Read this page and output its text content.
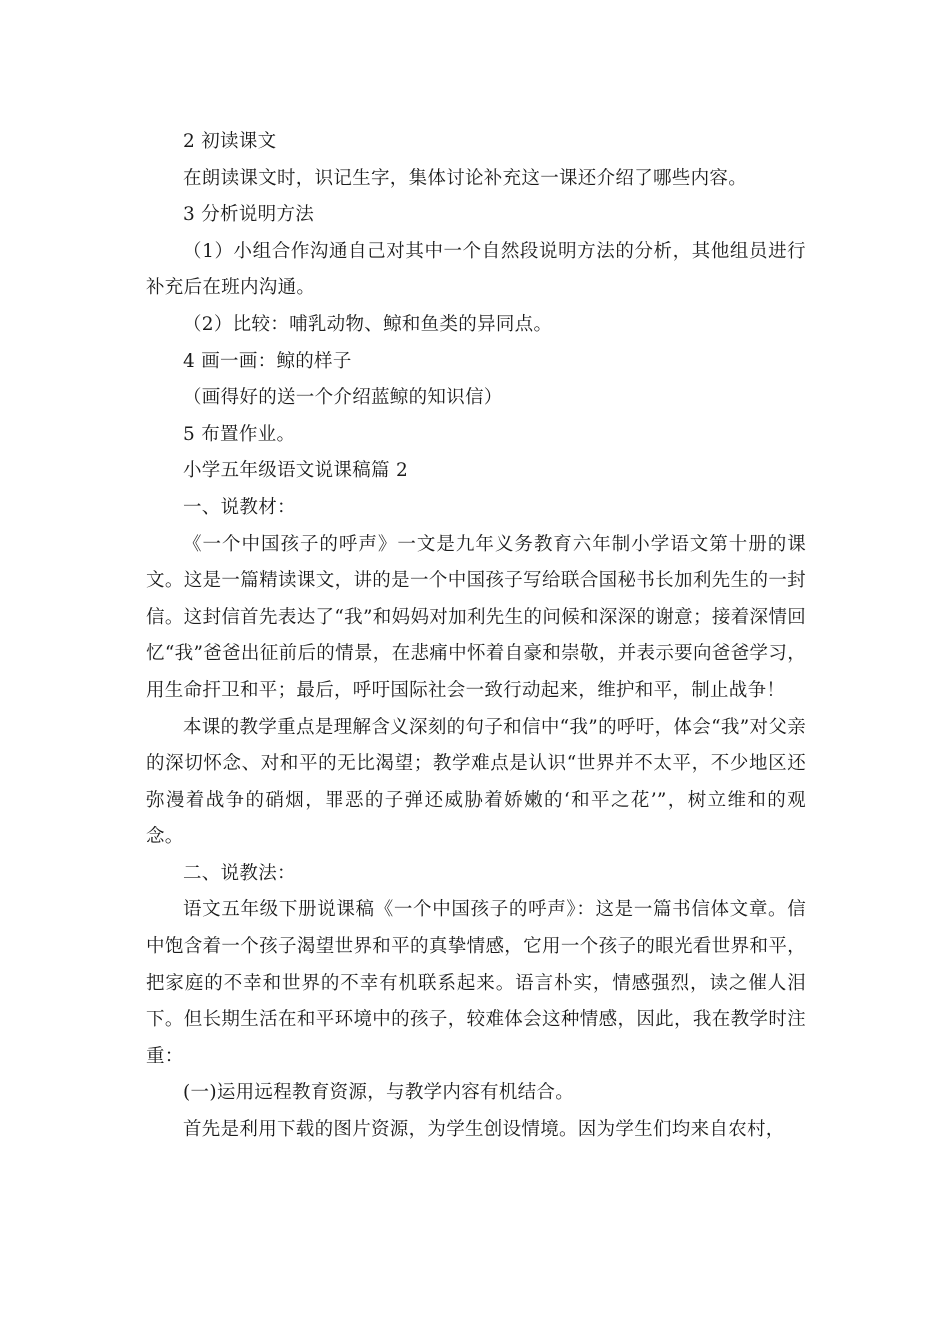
2 初读课文

在朗读课文时，识记生字，集体讨论补充这一课还介绍了哪些内容。

3 分析说明方法

（1）小组合作沟通自己对其中一个自然段说明方法的分析，其他组员进行补充后在班内沟通。

（2）比较：哺乳动物、鲸和鱼类的异同点。

4 画一画：鲸的样子

（画得好的送一个介绍蓝鲸的知识信）

5 布置作业。

小学五年级语文说课稿篇 2

一、说教材：

《一个中国孩子的呼声》一文是九年义务教育六年制小学语文第十册的课文。这是一篇精读课文，讲的是一个中国孩子写给联合国秘书长加利先生的一封信。这封信首先表达了“我”和妈妈对加利先生的问候和深深的谢意；接着深情回忆“我”爸爸出征前后的情景，在悲痛中怀着自豪和崇敬，并表示要向爸爸学习，用生命扞卫和平；最后，呼吁国际社会一致行动起来，维护和平，制止战争！

本课的教学重点是理解含义深刻的句子和信中“我”的呼吁，体会“我”对父亲的深切怀念、对和平的无比渴望；教学难点是认识“世界并不太平，不少地区还弥漫着战争的硝烟，罪恶的子弹还威胁着娇嫩的‘和平之花’”，树立维和的观念。

二、说教法：

语文五年级下册说课稿《一个中国孩子的呼声》：这是一篇书信体文章。信中饱含着一个孩子渴望世界和平的真挚情感，它用一个孩子的眼光看世界和平，把家庭的不幸和世界的不幸有机联系起来。语言朴实，情感强烈，读之催人泪下。但长期生活在和平环境中的孩子，较难体会这种情感，因此，我在教学时注重：

(一)运用远程教育资源，与教学内容有机结合。

首先是利用下载的图片资源，为学生创设情境。因为学生们均来自农村，
